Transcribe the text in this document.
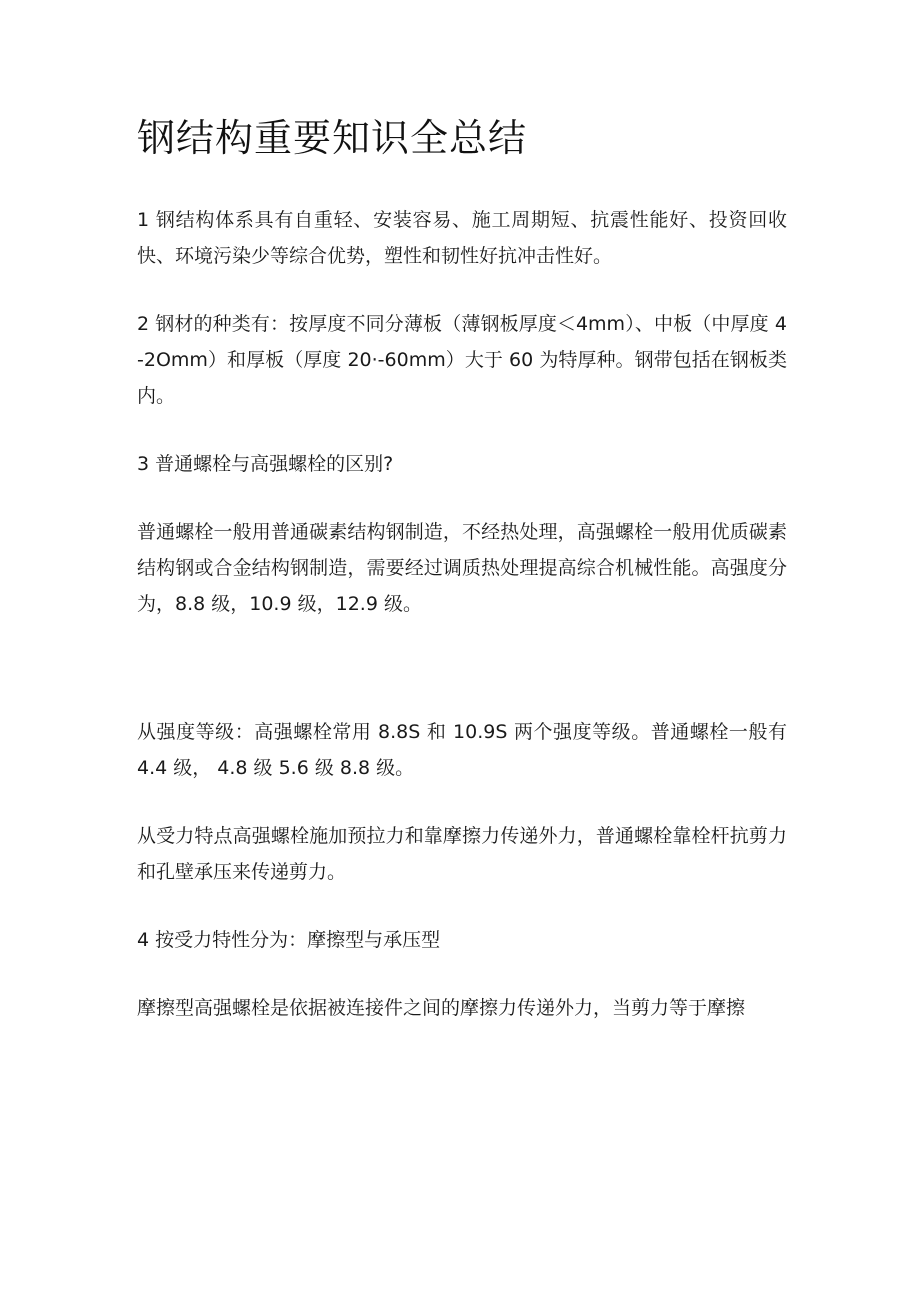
钢结构重要知识全总结

1 钢结构体系具有自重轻、安装容易、施工周期短、抗震性能好、投资回收快、环境污染少等综合优势，塑性和韧性好抗冲击性好。

2 钢材的种类有：按厚度不同分薄板（薄钢板厚度＜4mm）、中板（中厚度 4-2Omm）和厚板（厚度 20·-60mm）大于 60 为特厚种。钢带包括在钢板类内。

3 普通螺栓与高强螺栓的区别?

普通螺栓一般用普通碳素结构钢制造，不经热处理，高强螺栓一般用优质碳素结构钢或合金结构钢制造，需要经过调质热处理提高综合机械性能。高强度分为，8.8 级，10.9 级，12.9 级。

从强度等级：高强螺栓常用 8.8S 和 10.9S 两个强度等级。普通螺栓一般有 4.4 级， 4.8 级 5.6 级 8.8 级。

从受力特点高强螺栓施加预拉力和靠摩擦力传递外力，普通螺栓靠栓杆抗剪力和孔壁承压来传递剪力。

4 按受力特性分为：摩擦型与承压型

摩擦型高强螺栓是依据被连接件之间的摩擦力传递外力，当剪力等于摩擦
